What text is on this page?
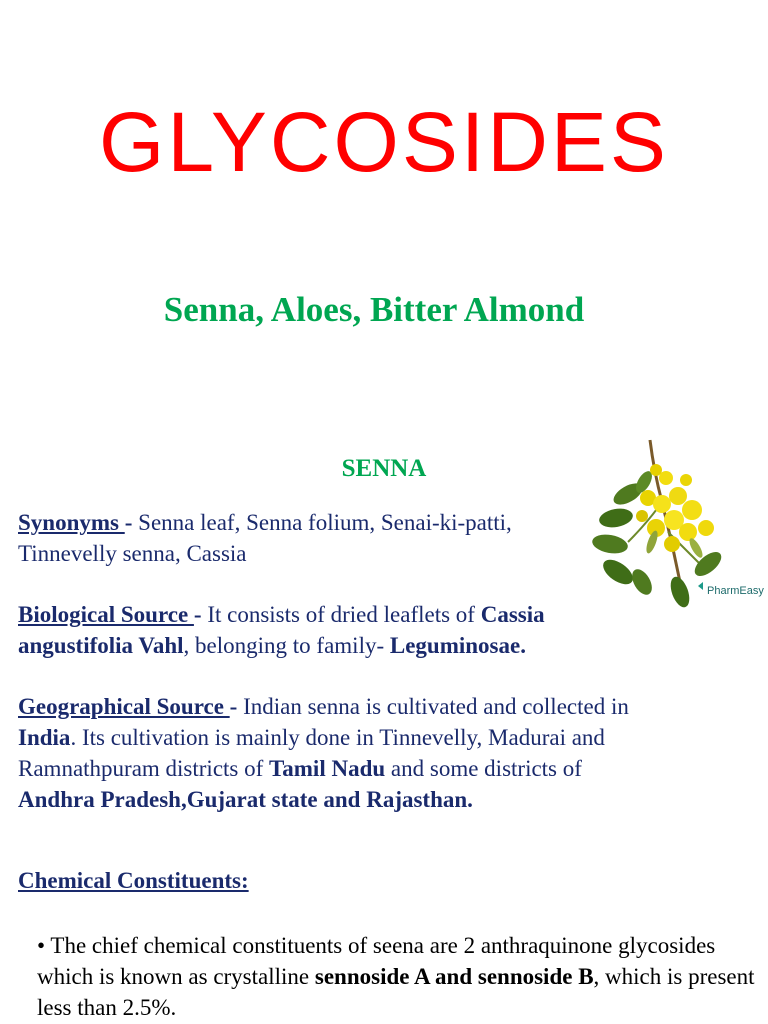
GLYCOSIDES
Senna, Aloes, Bitter Almond
SENNA
PharmEasy
Synonyms - Senna leaf, Senna folium, Senai-ki-patti, Tinnevelly senna, Cassia
Biological Source - It consists of dried leaflets of Cassia angustifolia Vahl, belonging to family- Leguminosae.
Geographical Source - Indian senna is cultivated and collected in India. Its cultivation is mainly done in Tinnevelly, Madurai and Ramnathpuram districts of Tamil Nadu and some districts of Andhra Pradesh,Gujarat state and Rajasthan.
Chemical Constituents:
• The chief chemical constituents of seena are 2 anthraquinone glycosides which is known as crystalline sennoside A and sennoside B, which is present less than 2.5%.
